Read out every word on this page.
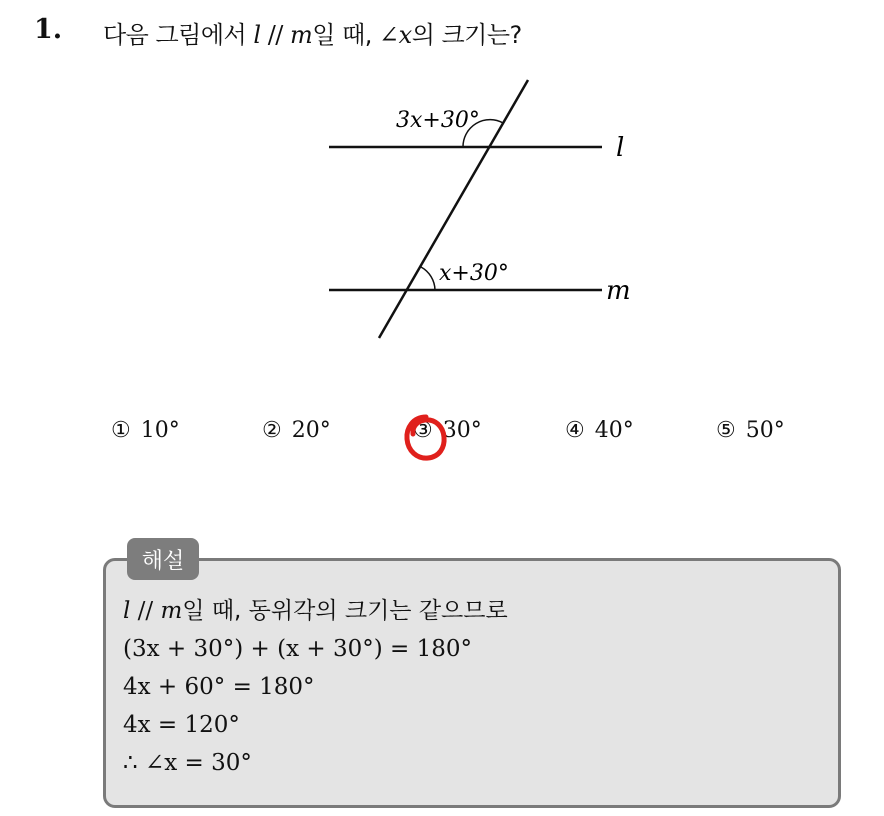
1. 다음 그림에서 l // m일 때, ∠x의 크기는?
3x+30°
x+30°
l
m
① 10°	② 20°	③ 30°	④ 40°	⑤ 50°
해설
l // m일 때, 동위각의 크기는 같으므로
(3x + 30°) + (x + 30°) = 180°
4x + 60° = 180°
4x = 120°
∴ ∠x = 30°
